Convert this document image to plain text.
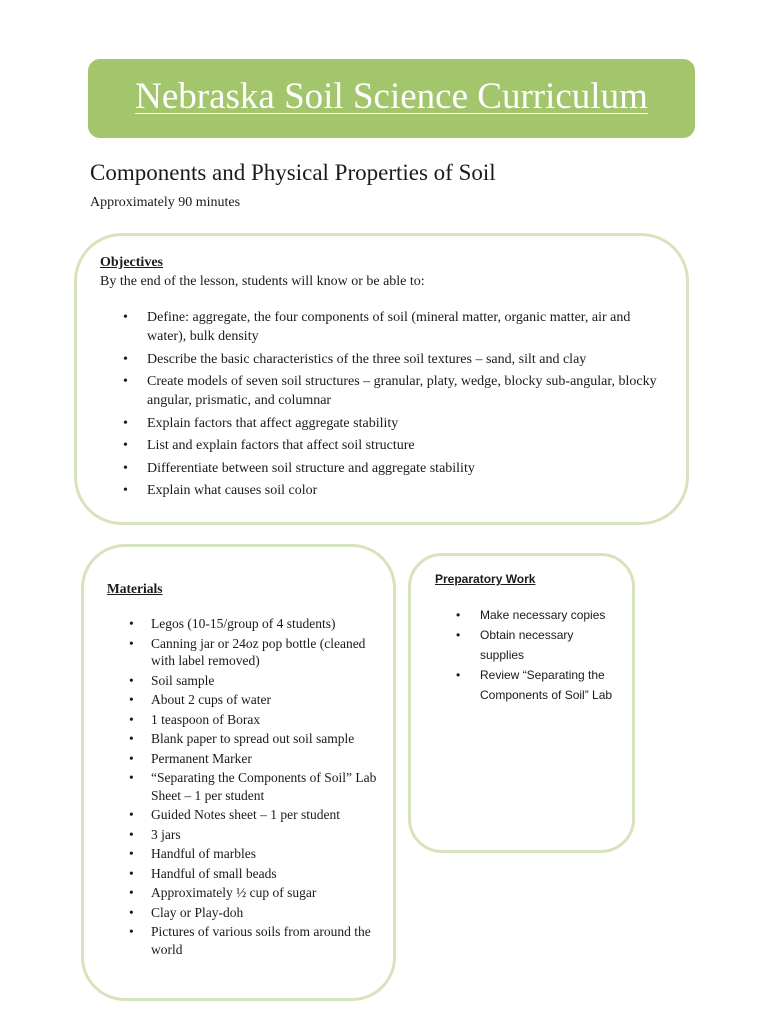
Nebraska Soil Science Curriculum
Components and Physical Properties of Soil
Approximately 90 minutes
Objectives
By the end of the lesson, students will know or be able to:
• Define: aggregate, the four components of soil (mineral matter, organic matter, air and water), bulk density
• Describe the basic characteristics of the three soil textures – sand, silt and clay
• Create models of seven soil structures – granular, platy, wedge, blocky sub-angular, blocky angular, prismatic, and columnar
• Explain factors that affect aggregate stability
• List and explain factors that affect soil structure
• Differentiate between soil structure and aggregate stability
• Explain what causes soil color
Materials
• Legos (10-15/group of 4 students)
• Canning jar or 24oz pop bottle (cleaned with label removed)
• Soil sample
• About 2 cups of water
• 1 teaspoon of Borax
• Blank paper to spread out soil sample
• Permanent Marker
• “Separating the Components of Soil” Lab Sheet – 1 per student
• Guided Notes sheet – 1 per student
• 3 jars
• Handful of marbles
• Handful of small beads
• Approximately ½ cup of sugar
• Clay or Play-doh
• Pictures of various soils from around the world
Preparatory Work
• Make necessary copies
• Obtain necessary supplies
• Review “Separating the Components of Soil” Lab
